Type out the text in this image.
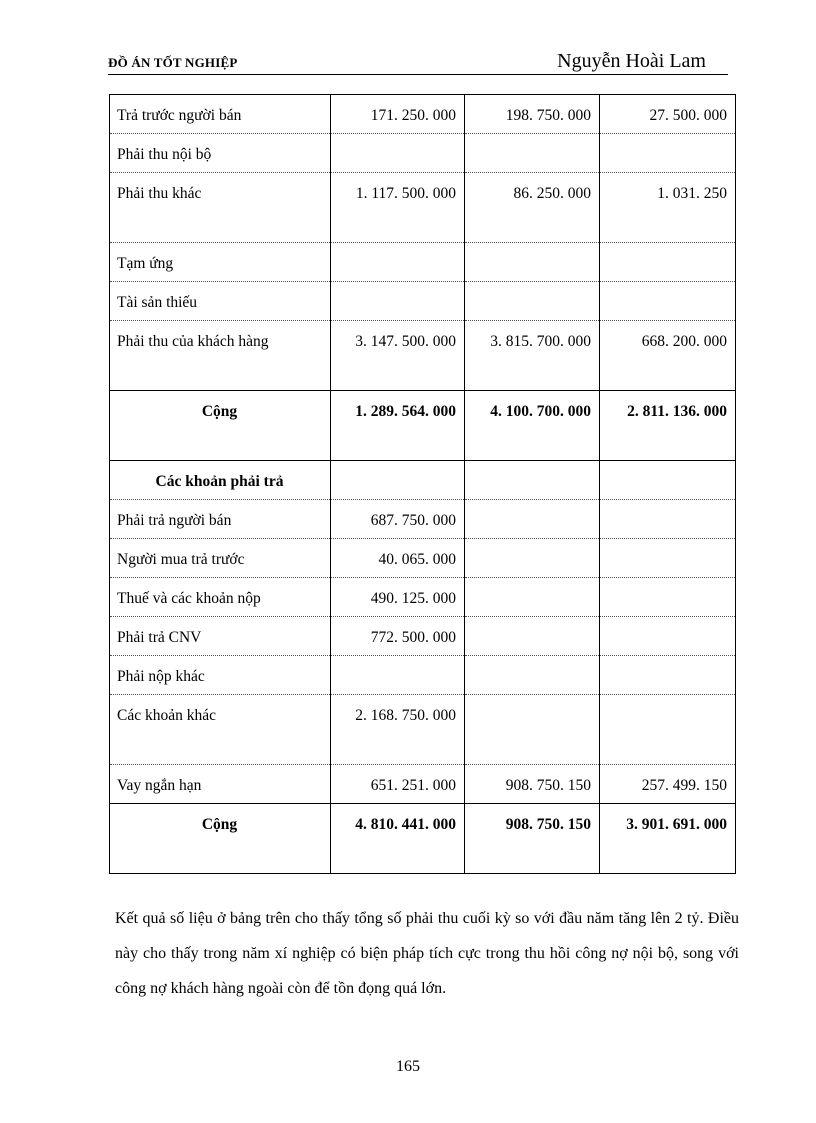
ĐỒ ÁN TỐT NGHIỆP	Nguyễn Hoài Lam
Trả trước người bán	171. 250. 000	198. 750. 000	27. 500. 000
Phải thu nội bộ			
Phải thu khác	1. 117. 500. 000	86. 250. 000	1. 031. 250
Tạm ứng			
Tài sản thiếu			
Phải thu của khách hàng	3. 147. 500. 000	3. 815. 700. 000	668. 200. 000
Cộng	1. 289. 564. 000	4. 100. 700. 000	2. 811. 136. 000
Các khoản phải trả			
Phải trả người bán	687. 750. 000		
Người mua trả trước	40. 065. 000		
Thuế và các khoản nộp	490. 125. 000		
Phải trả CNV	772. 500. 000		
Phải nộp khác			
Các khoản khác	2. 168. 750. 000		
Vay ngắn hạn	651. 251. 000	908. 750. 150	257. 499. 150
Cộng	4. 810. 441. 000	908. 750. 150	3. 901. 691. 000

Kết quả số liệu ở bảng trên cho thấy tổng số phải thu cuối kỳ so với đầu năm tăng lên 2 tỷ. Điều này cho thấy trong năm xí nghiệp có biện pháp tích cực trong thu hồi công nợ nội bộ, song với công nợ khách hàng ngoài còn để tồn đọng quá lớn.

165
